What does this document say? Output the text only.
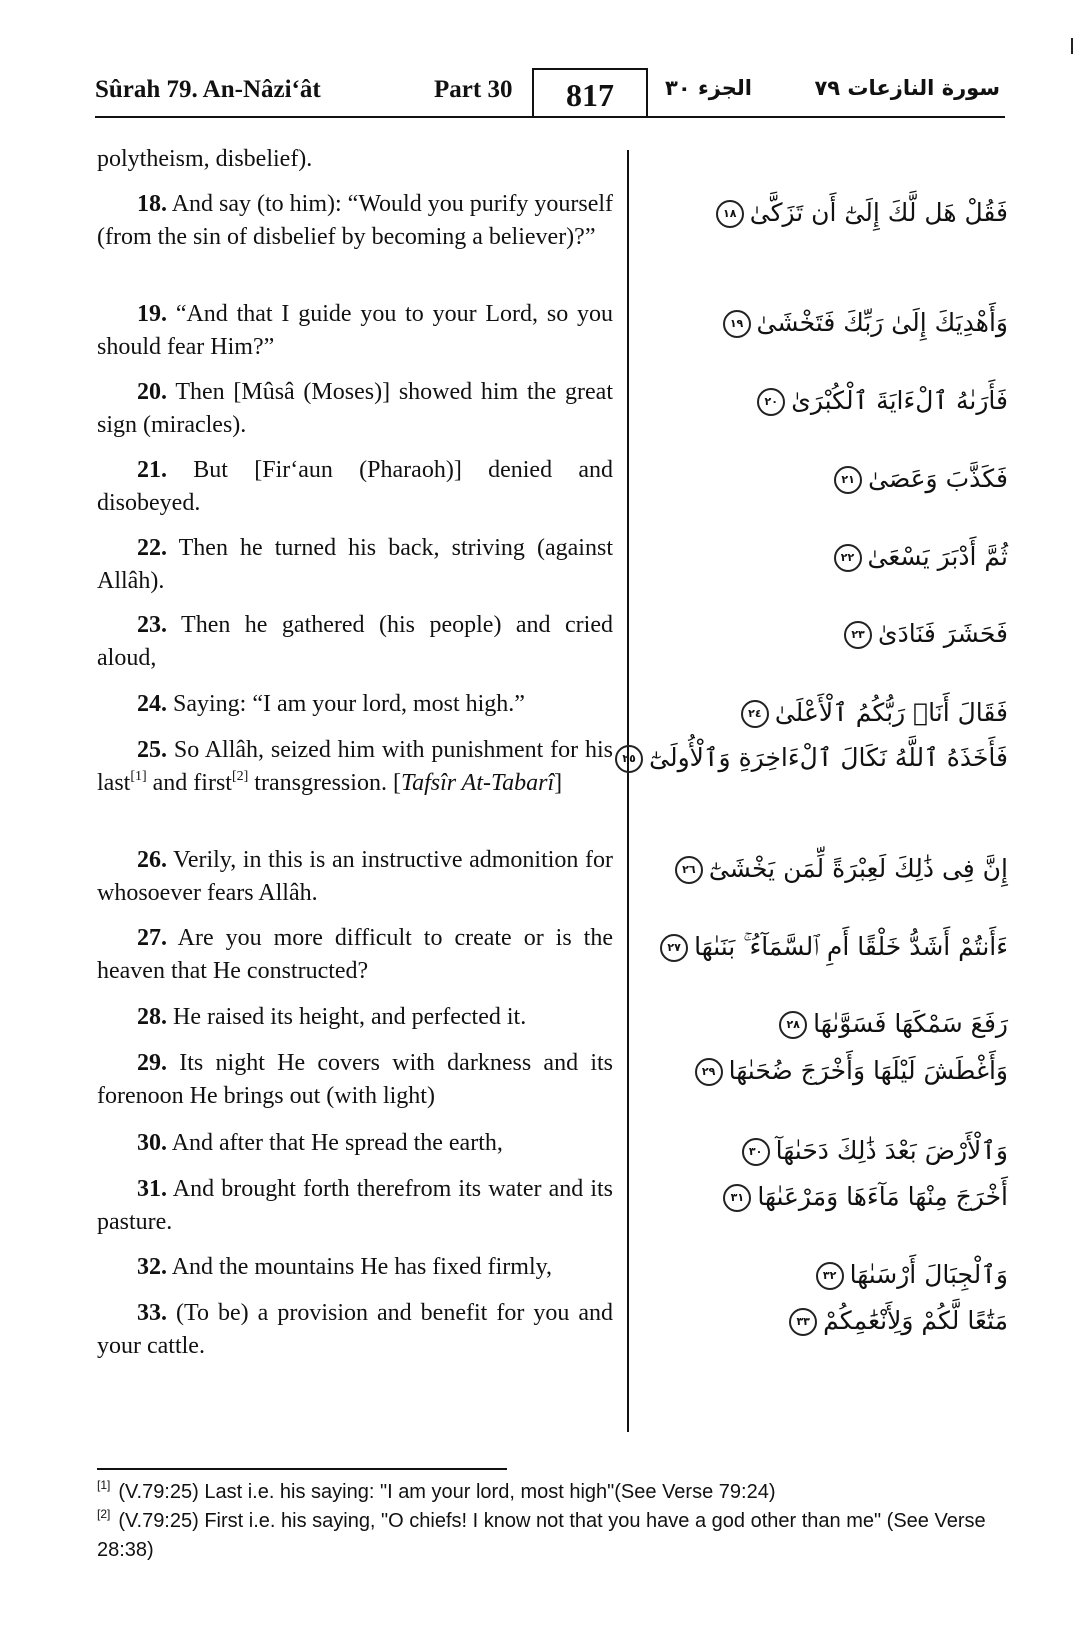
Sûrah 79. An-Nâzi‘ât	Part 30	817	الجزء ٣٠	سورة النازعات ٧٩

polytheism, disbelief).

18. And say (to him): “Would you purify yourself (from the sin of disbelief by becoming a believer)?”

19. “And that I guide you to your Lord, so you should fear Him?”

20. Then [Mûsâ (Moses)] showed him the great sign (miracles).

21. But [Fir‘aun (Pharaoh)] denied and disobeyed.

22. Then he turned his back, striving (against Allâh).

23. Then he gathered (his people) and cried aloud,

24. Saying: “I am your lord, most high.”

25. So Allâh, seized him with punishment for his last[1] and first[2] transgression. [Tafsîr At-Tabarî]

26. Verily, in this is an instructive admonition for whosoever fears Allâh.

27. Are you more difficult to create or is the heaven that He constructed?

28. He raised its height, and perfected it.

29. Its night He covers with darkness and its forenoon He brings out (with light)

30. And after that He spread the earth,

31. And brought forth therefrom its water and its pasture.

32. And the mountains He has fixed firmly,

33. (To be) a provision and benefit for you and your cattle.

فَقُلْ هَل لَّكَ إِلَىٰٓ أَن تَزَكَّىٰ١٨

وَأَهْدِيَكَ إِلَىٰ رَبِّكَ فَتَخْشَىٰ١٩

فَأَرَىٰهُ ٱلْءَايَةَ ٱلْكُبْرَىٰ٢٠

فَكَذَّبَ وَعَصَىٰ٢١

ثُمَّ أَدْبَرَ يَسْعَىٰ٢٢

فَحَشَرَ فَنَادَىٰ٢٣

فَقَالَ أَنَا۠ رَبُّكُمُ ٱلْأَعْلَىٰ٢٤

فَأَخَذَهُ ٱللَّهُ نَكَالَ ٱلْءَاخِرَةِ وَٱلْأُولَىٰٓ٢٥

إِنَّ فِى ذَٰلِكَ لَعِبْرَةً لِّمَن يَخْشَىٰٓ٢٦

ءَأَنتُمْ أَشَدُّ خَلْقًا أَمِ ٱلسَّمَآءُ ۚ بَنَىٰهَا٢٧

رَفَعَ سَمْكَهَا فَسَوَّىٰهَا٢٨

وَأَغْطَشَ لَيْلَهَا وَأَخْرَجَ ضُحَىٰهَا٢٩

وَٱلْأَرْضَ بَعْدَ ذَٰلِكَ دَحَىٰهَآ٣٠

أَخْرَجَ مِنْهَا مَآءَهَا وَمَرْعَىٰهَا٣١

وَٱلْجِبَالَ أَرْسَىٰهَا٣٢

مَتَٰعًا لَّكُمْ وَلِأَنْعَٰمِكُمْ٣٣

[1] (V.79:25) Last i.e. his saying: "I am your lord, most high"(See Verse 79:24)

[2] (V.79:25) First i.e. his saying, "O chiefs! I know not that you have a god other than me" (See Verse 28:38)
